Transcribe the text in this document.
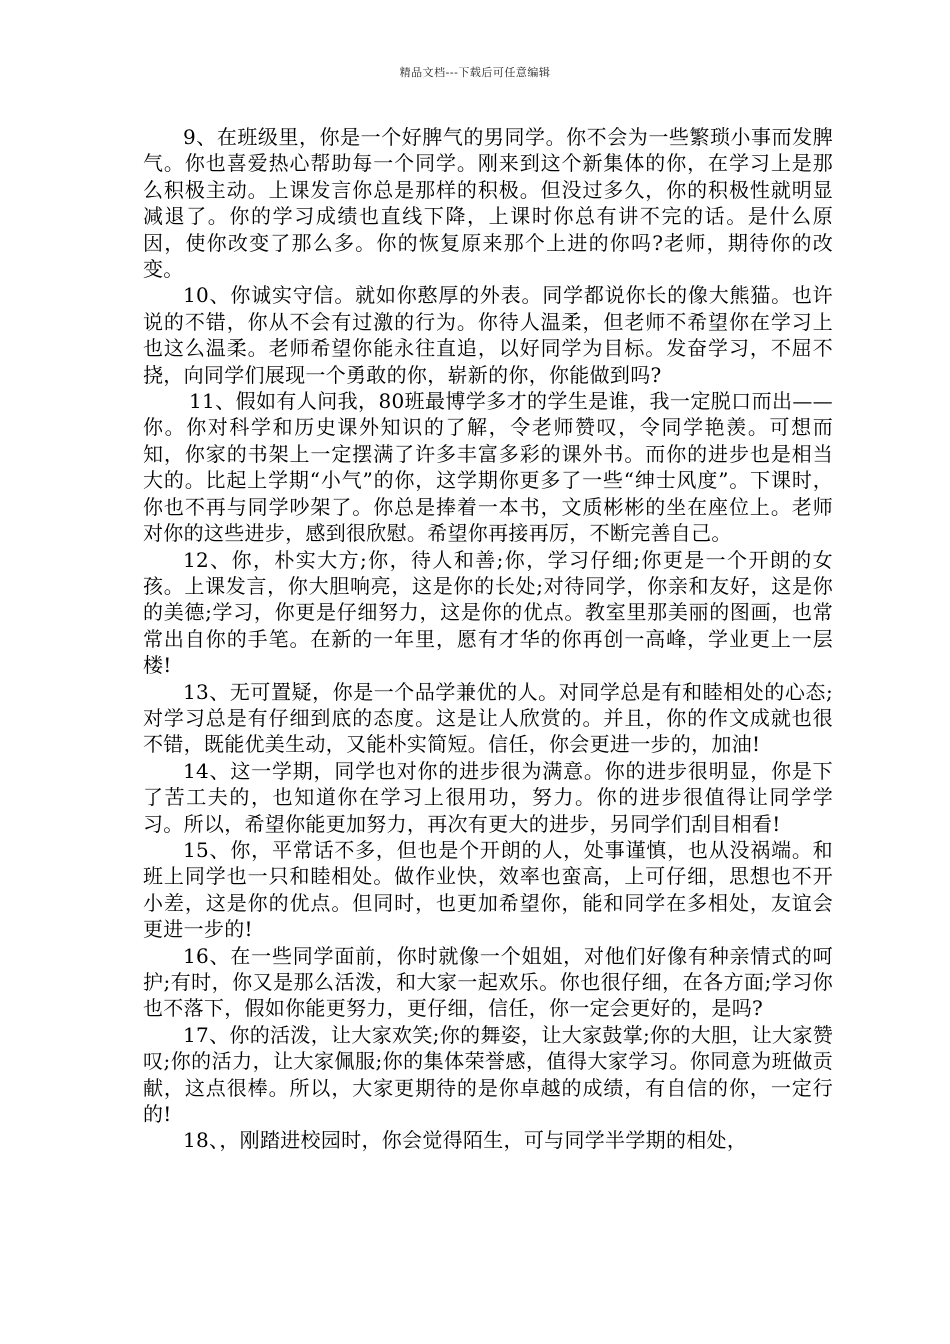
精品文档---下载后可任意编辑

9、在班级里，你是一个好脾气的男同学。你不会为一些繁琐小事而发脾气。你也喜爱热心帮助每一个同学。刚来到这个新集体的你，在学习上是那么积极主动。上课发言你总是那样的积极。但没过多久，你的积极性就明显减退了。你的学习成绩也直线下降，上课时你总有讲不完的话。是什么原因，使你改变了那么多。你的恢复原来那个上进的你吗?老师，期待你的改变。

10、你诚实守信。就如你憨厚的外表。同学都说你长的像大熊猫。也许说的不错，你从不会有过激的行为。你待人温柔，但老师不希望你在学习上也这么温柔。老师希望你能永往直追，以好同学为目标。发奋学习，不屈不挠，向同学们展现一个勇敢的你，崭新的你，你能做到吗?

11、假如有人问我，80班最博学多才的学生是谁，我一定脱口而出——你。你对科学和历史课外知识的了解，令老师赞叹，令同学艳羡。可想而知，你家的书架上一定摆满了许多丰富多彩的课外书。而你的进步也是相当大的。比起上学期“小气”的你，这学期你更多了一些“绅士风度”。下课时，你也不再与同学吵架了。你总是捧着一本书，文质彬彬的坐在座位上。老师对你的这些进步，感到很欣慰。希望你再接再厉，不断完善自己。

12、你，朴实大方;你，待人和善;你，学习仔细;你更是一个开朗的女孩。上课发言，你大胆响亮，这是你的长处;对待同学，你亲和友好，这是你的美德;学习，你更是仔细努力，这是你的优点。教室里那美丽的图画，也常常出自你的手笔。在新的一年里，愿有才华的你再创一高峰，学业更上一层楼!

13、无可置疑，你是一个品学兼优的人。对同学总是有和睦相处的心态;对学习总是有仔细到底的态度。这是让人欣赏的。并且，你的作文成就也很不错，既能优美生动，又能朴实简短。信任，你会更进一步的，加油!

14、这一学期，同学也对你的进步很为满意。你的进步很明显，你是下了苦工夫的，也知道你在学习上很用功，努力。你的进步很值得让同学学习。所以，希望你能更加努力，再次有更大的进步，另同学们刮目相看!

15、你，平常话不多，但也是个开朗的人，处事谨慎，也从没祸端。和班上同学也一只和睦相处。做作业快，效率也蛮高，上可仔细，思想也不开小差，这是你的优点。但同时，也更加希望你，能和同学在多相处，友谊会更进一步的!

16、在一些同学面前，你时就像一个姐姐，对他们好像有种亲情式的呵护;有时，你又是那么活泼，和大家一起欢乐。你也很仔细，在各方面;学习你也不落下，假如你能更努力，更仔细，信任，你一定会更好的，是吗?

17、你的活泼，让大家欢笑;你的舞姿，让大家鼓掌;你的大胆，让大家赞叹;你的活力，让大家佩服;你的集体荣誉感，值得大家学习。你同意为班做贡献，这点很棒。所以，大家更期待的是你卓越的成绩，有自信的你，一定行的!

18、，刚踏进校园时，你会觉得陌生，可与同学半学期的相处，
